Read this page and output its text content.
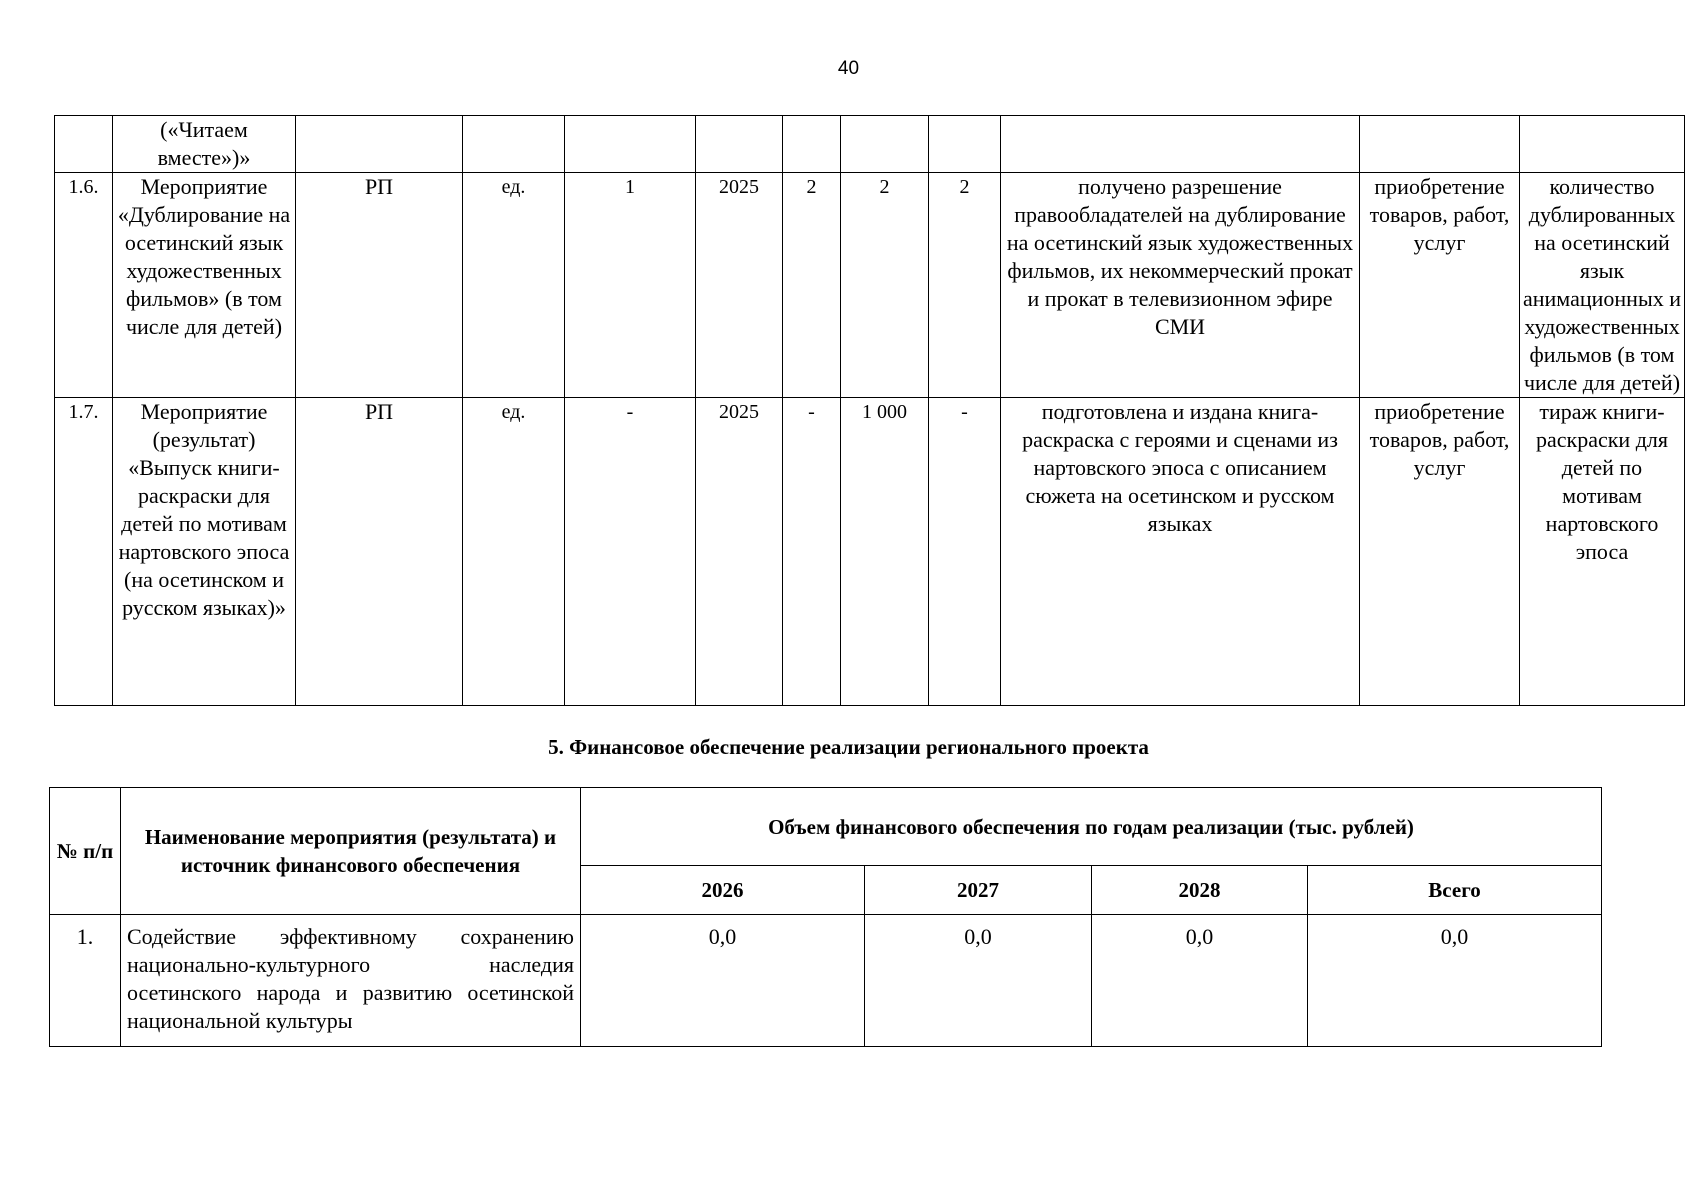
40
	(«Читаем вместе»)»										
1.6.	Мероприятие «Дублирование на осетинский язык художественных фильмов» (в том числе для детей)	РП	ед.	1	2025	2	2	2	получено разрешение правообладателей на дублирование на осетинский язык художественных фильмов, их некоммерческий прокат и прокат в телевизионном эфире СМИ	приобретение товаров, работ, услуг	количество дублированных на осетинский язык анимационных и художественных фильмов (в том числе для детей)
1.7.	Мероприятие (результат) «Выпуск книги-раскраски для детей по мотивам нартовского эпоса (на осетинском и русском языках)»	РП	ед.	-	2025	-	1 000	-	подготовлена и издана книга-раскраска с героями и сценами из нартовского эпоса с описанием сюжета на осетинском и русском языках	приобретение товаров, работ, услуг	тираж книги-раскраски для детей по мотивам нартовского эпоса
5. Финансовое обеспечение реализации регионального проекта
№ п/п	Наименование мероприятия (результата) и источник финансового обеспечения	Объем финансового обеспечения по годам реализации (тыс. рублей)			
		2026	2027	2028	Всего
1.	Содействие эффективному сохранению национально-культурного наследия осетинского народа и развитию осетинской национальной культуры	0,0	0,0	0,0	0,0
